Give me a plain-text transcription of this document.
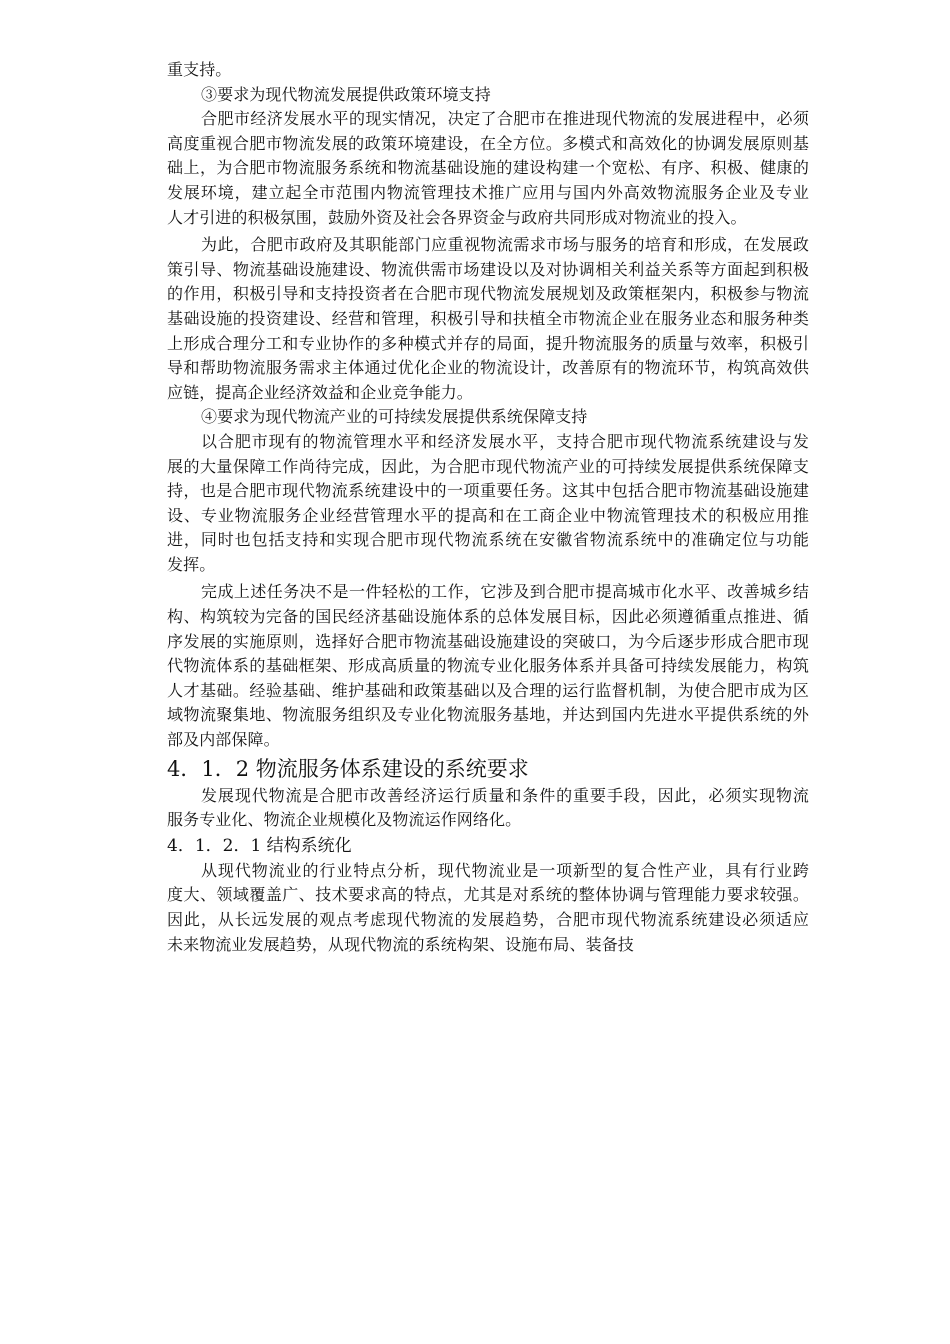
重支持。
③要求为现代物流发展提供政策环境支持
合肥市经济发展水平的现实情况，决定了合肥市在推进现代物流的发展进程中，必须
高度重视合肥市物流发展的政策环境建设，在全方位。多模式和高效化的协调发展原则基
础上，为合肥市物流服务系统和物流基础设施的建设构建一个宽松、有序、积极、健康的
发展环境，建立起全市范围内物流管理技术推广应用与国内外高效物流服务企业及专业
人才引进的积极氛围，鼓励外资及社会各界资金与政府共同形成对物流业的投入。
为此，合肥市政府及其职能部门应重视物流需求市场与服务的培育和形成，在发展政
策引导、物流基础设施建设、物流供需市场建设以及对协调相关利益关系等方面起到积极
的作用，积极引导和支持投资者在合肥市现代物流发展规划及政策框架内，积极参与物流
基础设施的投资建设、经营和管理，积极引导和扶植全市物流企业在服务业态和服务种类
上形成合理分工和专业协作的多种模式并存的局面，提升物流服务的质量与效率，积极引
导和帮助物流服务需求主体通过优化企业的物流设计，改善原有的物流环节，构筑高效供
应链，提高企业经济效益和企业竞争能力。
④要求为现代物流产业的可持续发展提供系统保障支持
以合肥市现有的物流管理水平和经济发展水平，支持合肥市现代物流系统建设与发
展的大量保障工作尚待完成，因此，为合肥市现代物流产业的可持续发展提供系统保障支
持，也是合肥市现代物流系统建设中的一项重要任务。这其中包括合肥市物流基础设施建
设、专业物流服务企业经营管理水平的提高和在工商企业中物流管理技术的积极应用推
进，同时也包括支持和实现合肥市现代物流系统在安徽省物流系统中的准确定位与功能
发挥。
完成上述任务决不是一件轻松的工作，它涉及到合肥市提高城市化水平、改善城乡结
构、构筑较为完备的国民经济基础设施体系的总体发展目标，因此必须遵循重点推进、循
序发展的实施原则，选择好合肥市物流基础设施建设的突破口，为今后逐步形成合肥市现
代物流体系的基础框架、形成高质量的物流专业化服务体系并具备可持续发展能力，构筑
人才基础。经验基础、维护基础和政策基础以及合理的运行监督机制，为使合肥市成为区
域物流聚集地、物流服务组织及专业化物流服务基地，并达到国内先进水平提供系统的外
部及内部保障。
4．1．2 物流服务体系建设的系统要求
发展现代物流是合肥市改善经济运行质量和条件的重要手段，因此，必须实现物流
服务专业化、物流企业规模化及物流运作网络化。
4．1．2．1 结构系统化
从现代物流业的行业特点分析，现代物流业是一项新型的复合性产业，具有行业跨
度大、领域覆盖广、技术要求高的特点，尤其是对系统的整体协调与管理能力要求较强。
因此，从长远发展的观点考虑现代物流的发展趋势，合肥市现代物流系统建设必须适应
未来物流业发展趋势，从现代物流的系统构架、设施布局、装备技
